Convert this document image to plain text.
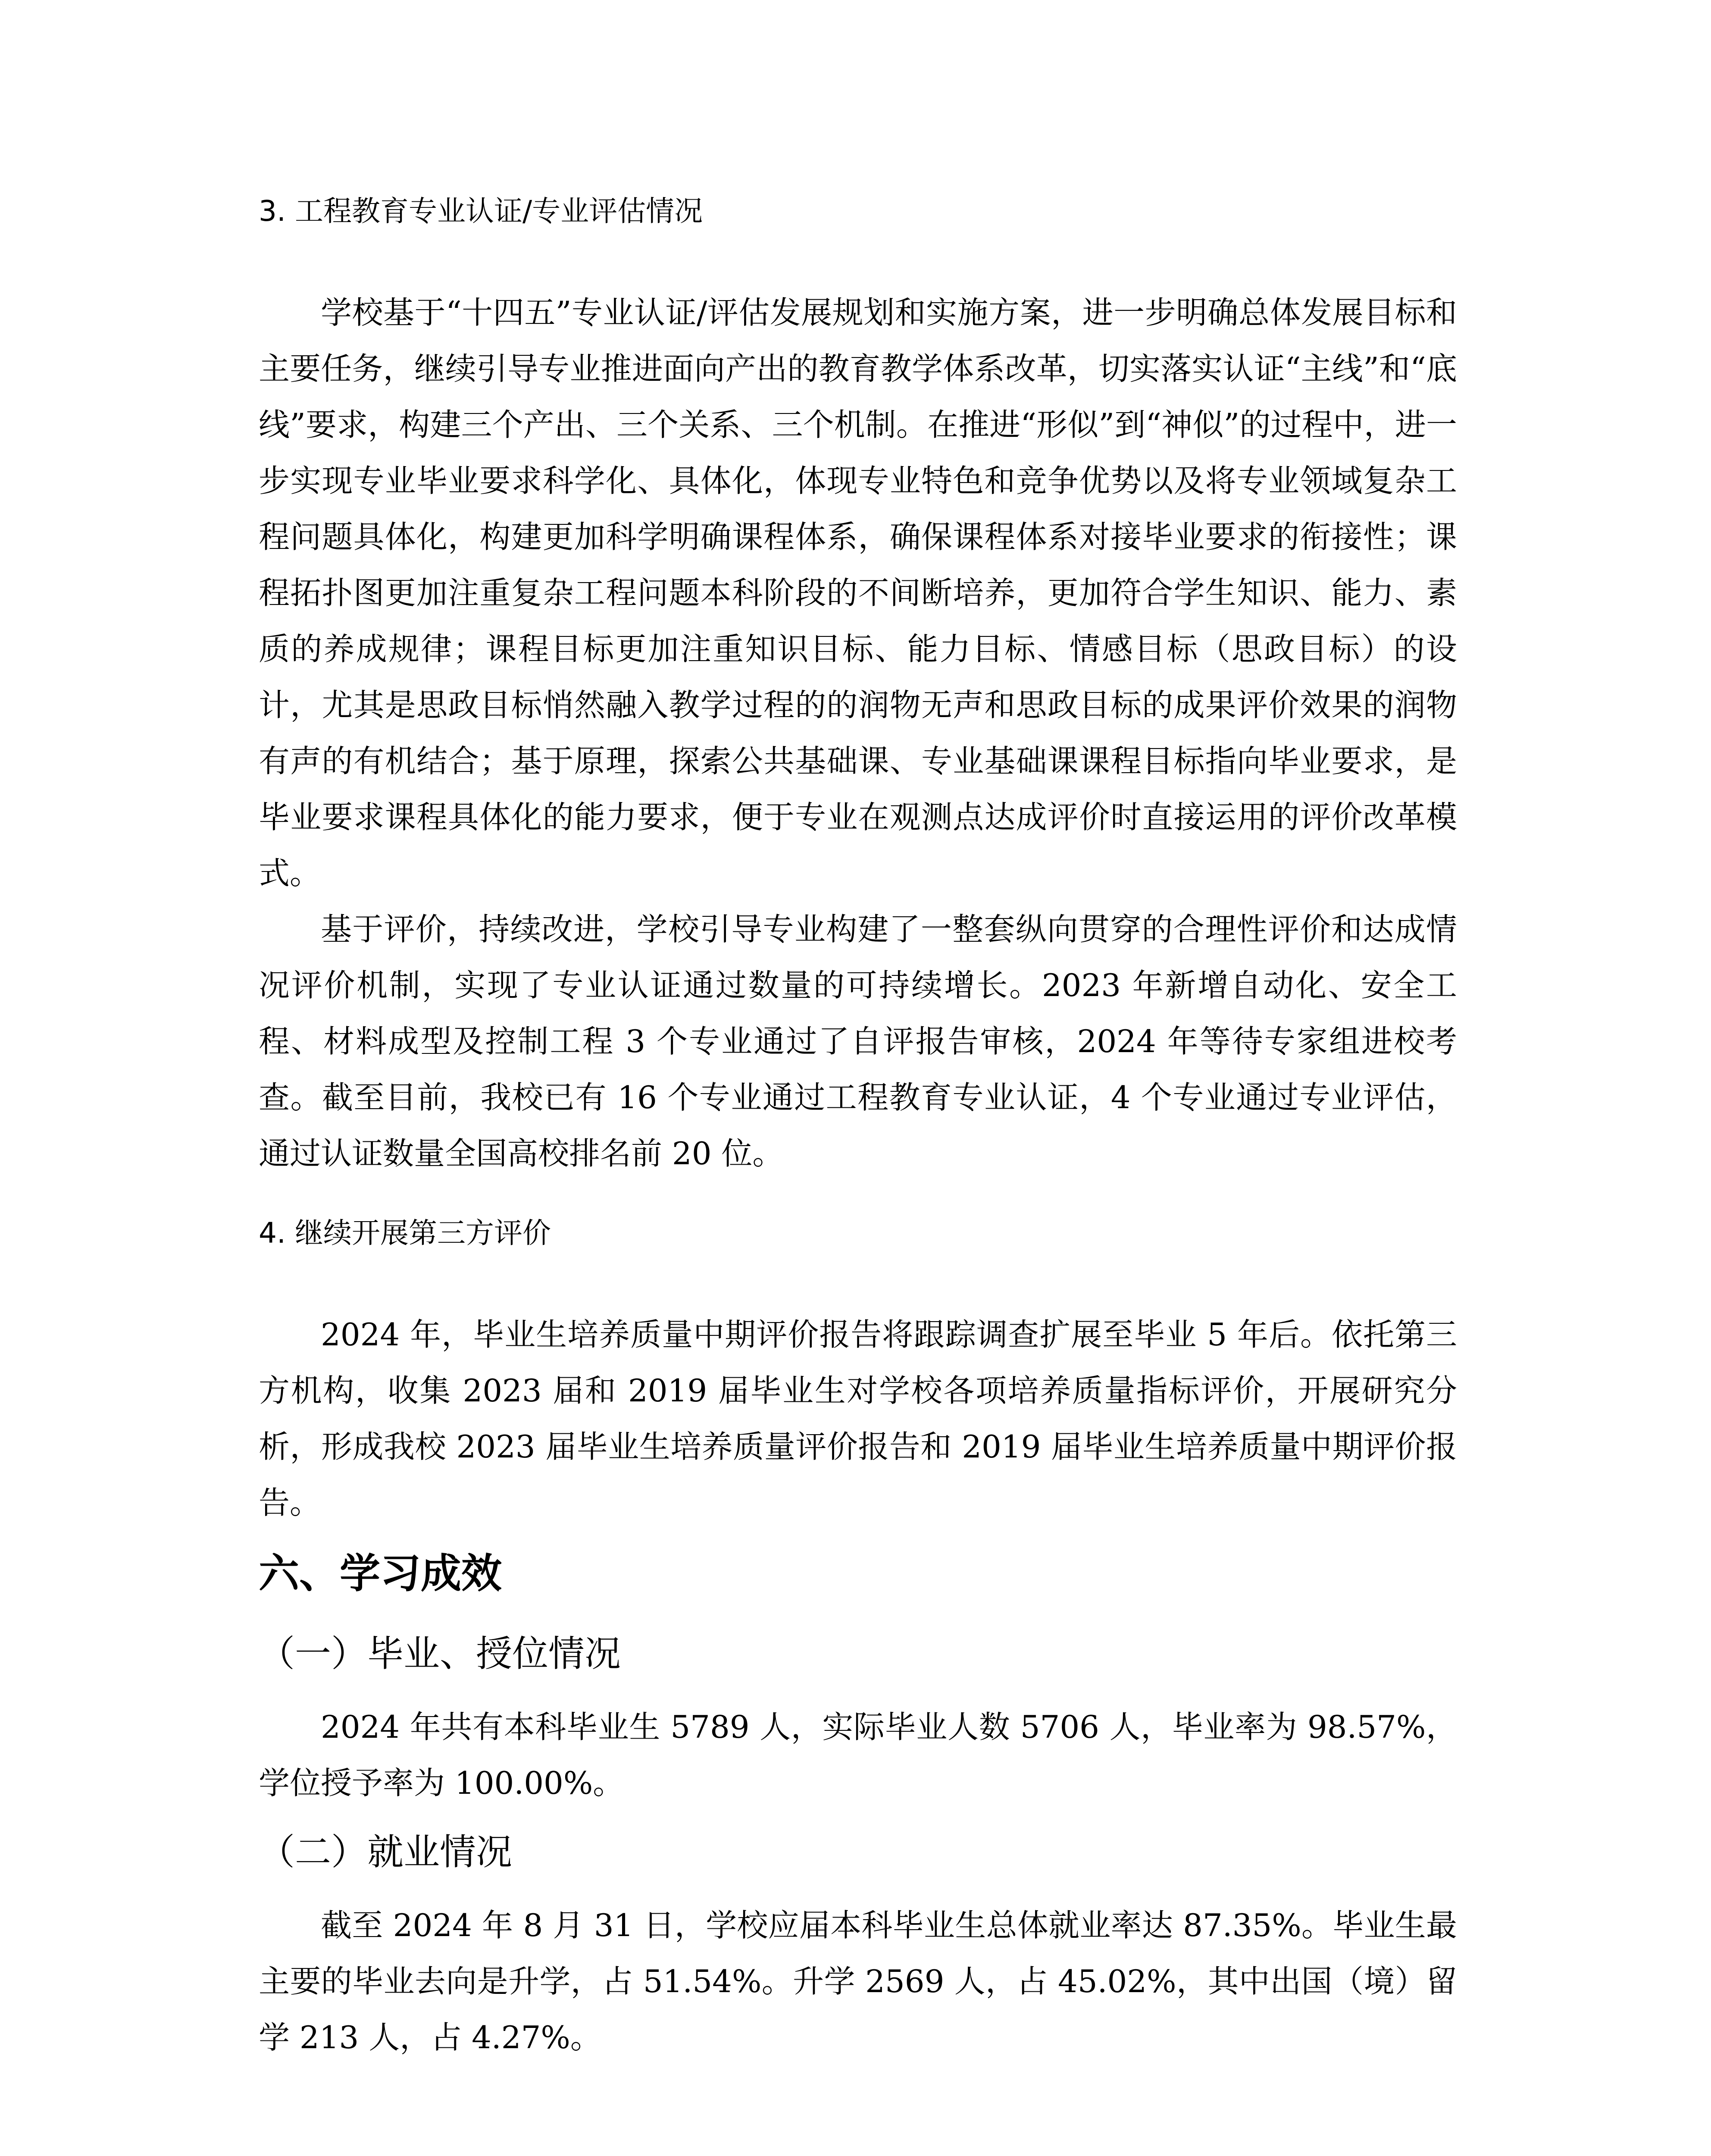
3. 工程教育专业认证/专业评估情况

学校基于“十四五”专业认证/评估发展规划和实施方案，进一步明确总体发展目标和主要任务，继续引导专业推进面向产出的教育教学体系改革，切实落实认证“主线”和“底线”要求，构建三个产出、三个关系、三个机制。在推进“形似”到“神似”的过程中，进一步实现专业毕业要求科学化、具体化，体现专业特色和竞争优势以及将专业领域复杂工程问题具体化，构建更加科学明确课程体系，确保课程体系对接毕业要求的衔接性；课程拓扑图更加注重复杂工程问题本科阶段的不间断培养，更加符合学生知识、能力、素质的养成规律；课程目标更加注重知识目标、能力目标、情感目标（思政目标）的设计，尤其是思政目标悄然融入教学过程的的润物无声和思政目标的成果评价效果的润物有声的有机结合；基于原理，探索公共基础课、专业基础课课程目标指向毕业要求，是毕业要求课程具体化的能力要求，便于专业在观测点达成评价时直接运用的评价改革模式。

基于评价，持续改进，学校引导专业构建了一整套纵向贯穿的合理性评价和达成情况评价机制，实现了专业认证通过数量的可持续增长。2023 年新增自动化、安全工程、材料成型及控制工程 3 个专业通过了自评报告审核，2024 年等待专家组进校考查。截至目前，我校已有 16 个专业通过工程教育专业认证，4 个专业通过专业评估，通过认证数量全国高校排名前 20 位。

4. 继续开展第三方评价

2024 年，毕业生培养质量中期评价报告将跟踪调查扩展至毕业 5 年后。依托第三方机构，收集 2023 届和 2019 届毕业生对学校各项培养质量指标评价，开展研究分析，形成我校 2023 届毕业生培养质量评价报告和 2019 届毕业生培养质量中期评价报告。

六、学习成效
（一）毕业、授位情况

2024 年共有本科毕业生 5789 人，实际毕业人数 5706 人，毕业率为 98.57%，学位授予率为 100.00%。

（二）就业情况

截至 2024 年 8 月 31 日，学校应届本科毕业生总体就业率达 87.35%。毕业生最主要的毕业去向是升学，占 51.54%。升学 2569 人，占 45.02%，其中出国（境）留学 213 人，占 4.27%。
